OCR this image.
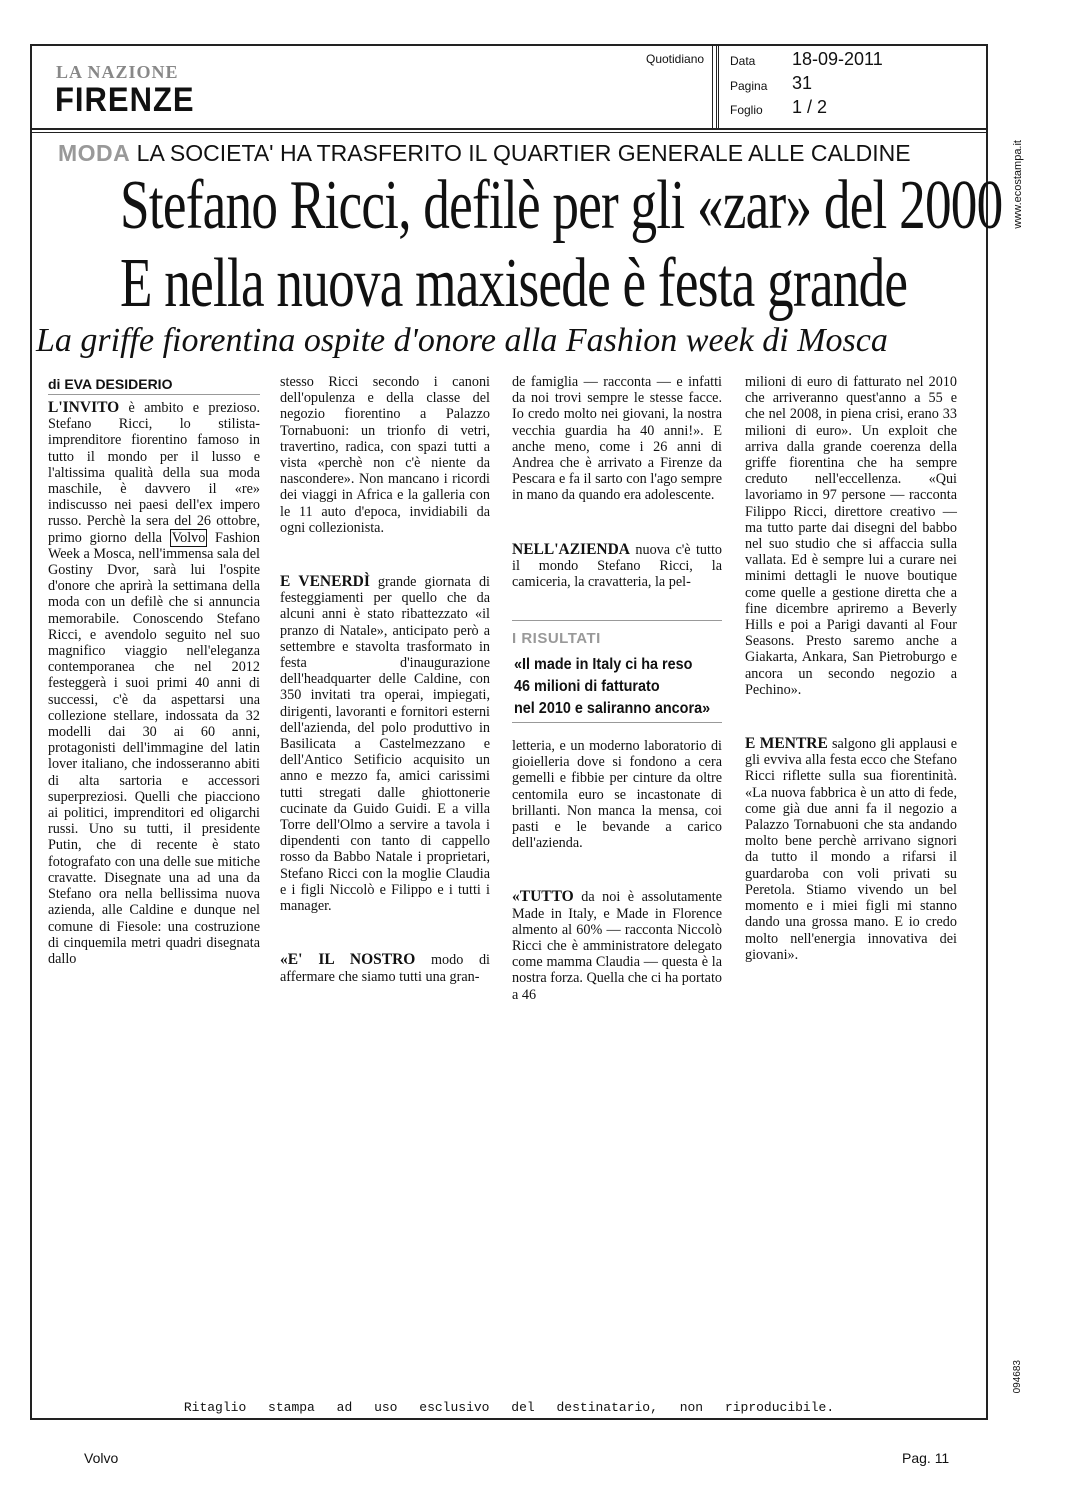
LA NAZIONE
FIRENZE
Quotidiano Data 18-09-2011
Pagina 31
Foglio 1 / 2
MODA LA SOCIETA' HA TRASFERITO IL QUARTIER GENERALE ALLE CALDINE
Stefano Ricci, defilè per gli «zar» del 2000
E nella nuova maxisede è festa grande
La griffe fiorentina ospite d'onore alla Fashion week di Mosca
di EVA DESIDERIO

L'INVITO è ambito e prezioso. Stefano Ricci, lo stilista-imprenditore fiorentino famoso in tutto il mondo per il lusso e l'altissima qualità della sua moda maschile, è davvero il «re» indiscusso nei paesi dell'ex impero russo. Perchè la sera del 26 ottobre, primo giorno della Volvo Fashion Week a Mosca, nell'immensa sala del Gostiny Dvor, sarà lui l'ospite d'onore che aprirà la settimana della moda con un defilè che si annuncia memorabile. Conoscendo Stefano Ricci, e avendolo seguito nel suo magnifico viaggio nell'eleganza contemporanea che nel 2012 festeggerà i suoi primi 40 anni di successi, c'è da aspettarsi una collezione stellare, indossata da 32 modelli dai 30 ai 60 anni, protagonisti dell'immagine del latin lover italiano, che indosseranno abiti di alta sartoria e accessori superpreziosi. Quelli che piacciono ai politici, imprenditori ed oligarchi russi. Uno su tutti, il presidente Putin, che di recente è stato fotografato con una delle sue mitiche cravatte. Disegnate una ad una da Stefano ora nella bellissima nuova azienda, alle Caldine e dunque nel comune di Fiesole: una costruzione di cinquemila metri quadri disegnata dallo

stesso Ricci secondo i canoni dell'opulenza e della classe del negozio fiorentino a Palazzo Tornabuoni: un trionfo di vetri, travertino, radica, con spazi tutti a vista «perchè non c'è niente da nascondere». Non mancano i ricordi dei viaggi in Africa e la galleria con le 11 auto d'epoca, invidiabili da ogni collezionista.

E VENERDÌ grande giornata di festeggiamenti per quello che da alcuni anni è stato ribattezzato «il pranzo di Natale», anticipato però a settembre e stavolta trasformato in festa d'inaugurazione dell'headquarter delle Caldine, con 350 invitati tra operai, impiegati, dirigenti, lavoranti e fornitori esterni dell'azienda, del polo produttivo in Basilicata a Castelmezzano e dell'Antico Setificio acquisito un anno e mezzo fa, amici carissimi tutti stregati dalle ghiottonerie cucinate da Guido Guidi. E a villa Torre dell'Olmo a servire a tavola i dipendenti con tanto di cappello rosso da Babbo Natale i proprietari, Stefano Ricci con la moglie Claudia e i figli Niccolò e Filippo e i tutti i manager.

«E' IL NOSTRO modo di affermare che siamo tutti una gran-

de famiglia — racconta — e infatti da noi trovi sempre le stesse facce. Io credo molto nei giovani, la nostra vecchia guardia ha 40 anni!». E anche meno, come i 26 anni di Andrea che è arrivato a Firenze da Pescara e fa il sarto con l'ago sempre in mano da quando era adolescente.

NELL'AZIENDA nuova c'è tutto il mondo Stefano Ricci, la camiceria, la cravatteria, la pel-

I RISULTATI
«Il made in Italy ci ha reso
46 milioni di fatturato
nel 2010 e saliranno ancora»

letteria, e un moderno laboratorio di gioielleria dove si fondono a cera gemelli e fibbie per cinture da oltre centomila euro se incastonate di brillanti. Non manca la mensa, coi pasti e le bevande a carico dell'azienda.

«TUTTO da noi è assolutamente Made in Italy, e Made in Florence almento al 60% — racconta Niccolò Ricci che è amministratore delegato come mamma Claudia — questa è la nostra forza. Quella che ci ha portato a 46

milioni di euro di fatturato nel 2010 che arriveranno quest'anno a 55 e che nel 2008, in piena crisi, erano 33 milioni di euro». Un exploit che arriva dalla grande coerenza della griffe fiorentina che ha sempre creduto nell'eccellenza. «Qui lavoriamo in 97 persone — racconta Filippo Ricci, direttore creativo — ma tutto parte dai disegni del babbo nel suo studio che si affaccia sulla vallata. Ed è sempre lui a curare nei minimi dettagli le nuove boutique come quelle a gestione diretta che a fine dicembre apriremo a Beverly Hills e poi a Parigi davanti al Four Seasons. Presto saremo anche a Giakarta, Ankara, San Pietroburgo e ancora un secondo negozio a Pechino».

E MENTRE salgono gli applausi e gli evviva alla festa ecco che Stefano Ricci riflette sulla sua fiorentinità. «La nuova fabbrica è un atto di fede, come già due anni fa il negozio a Palazzo Tornabuoni che sta andando molto bene perchè arrivano signori da tutto il mondo a rifarsi il guardaroba con voli privati su Peretola. Stiamo vivendo un bel momento e i miei figli mi stanno dando una grossa mano. E io credo molto nell'energia innovativa dei giovani».

Ritaglio stampa ad uso esclusivo del destinatario, non riproducibile.
Volvo	Pag. 11
www.ecostampa.it
094683
